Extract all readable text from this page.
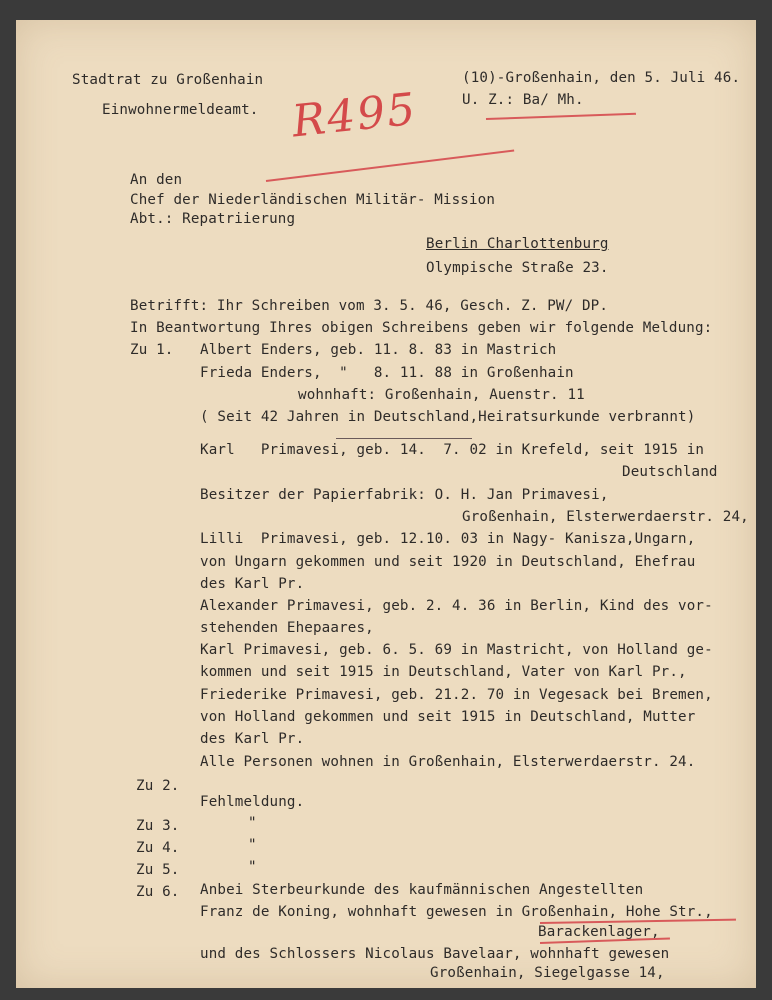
Stadtrat zu Großenhain
Einwohnermeldeamt.
(10)-Großenhain, den 5. Juli 46.
U. Z.: Ba/ Mh.
R495
An den
Chef der Niederländischen Militär- Mission
Abt.: Repatriierung
Berlin Charlottenburg
Olympische Straße 23.
Betrifft: Ihr Schreiben vom 3. 5. 46, Gesch. Z. PW/ DP.
In Beantwortung Ihres obigen Schreibens geben wir folgende Meldung:
Zu 1. Albert Enders, geb. 11. 8. 83 in Mastrich
Frieda Enders,  "   8. 11. 88 in Großenhain
wohnhaft: Großenhain, Auenstr. 11
( Seit 42 Jahren in Deutschland,Heiratsurkunde verbrannt)
Karl   Primavesi, geb. 14.  7. 02 in Krefeld, seit 1915 in
Deutschland
Besitzer der Papierfabrik: O. H. Jan Primavesi,
Großenhain, Elsterwerdaerstr. 24,
Lilli  Primavesi, geb. 12.10. 03 in Nagy- Kanisza,Ungarn,
von Ungarn gekommen und seit 1920 in Deutschland, Ehefrau
des Karl Pr.
Alexander Primavesi, geb. 2. 4. 36 in Berlin, Kind des vor-
stehenden Ehepaares,
Karl Primavesi, geb. 6. 5. 69 in Mastricht, von Holland ge-
kommen und seit 1915 in Deutschland, Vater von Karl Pr.,
Friederike Primavesi, geb. 21.2. 70 in Vegesack bei Bremen,
von Holland gekommen und seit 1915 in Deutschland, Mutter
des Karl Pr.
Alle Personen wohnen in Großenhain, Elsterwerdaerstr. 24.
Zu 2.
Fehlmeldung.
Zu 3.	"
Zu 4.	"
Zu 5.	"
Zu 6. Anbei Sterbeurkunde des kaufmännischen Angestellten
Franz de Koning, wohnhaft gewesen in Großenhain, Hohe Str.,
Barackenlager,
und des Schlossers Nicolaus Bavelaar, wohnhaft gewesen
Großenhain, Siegelgasse 14,
